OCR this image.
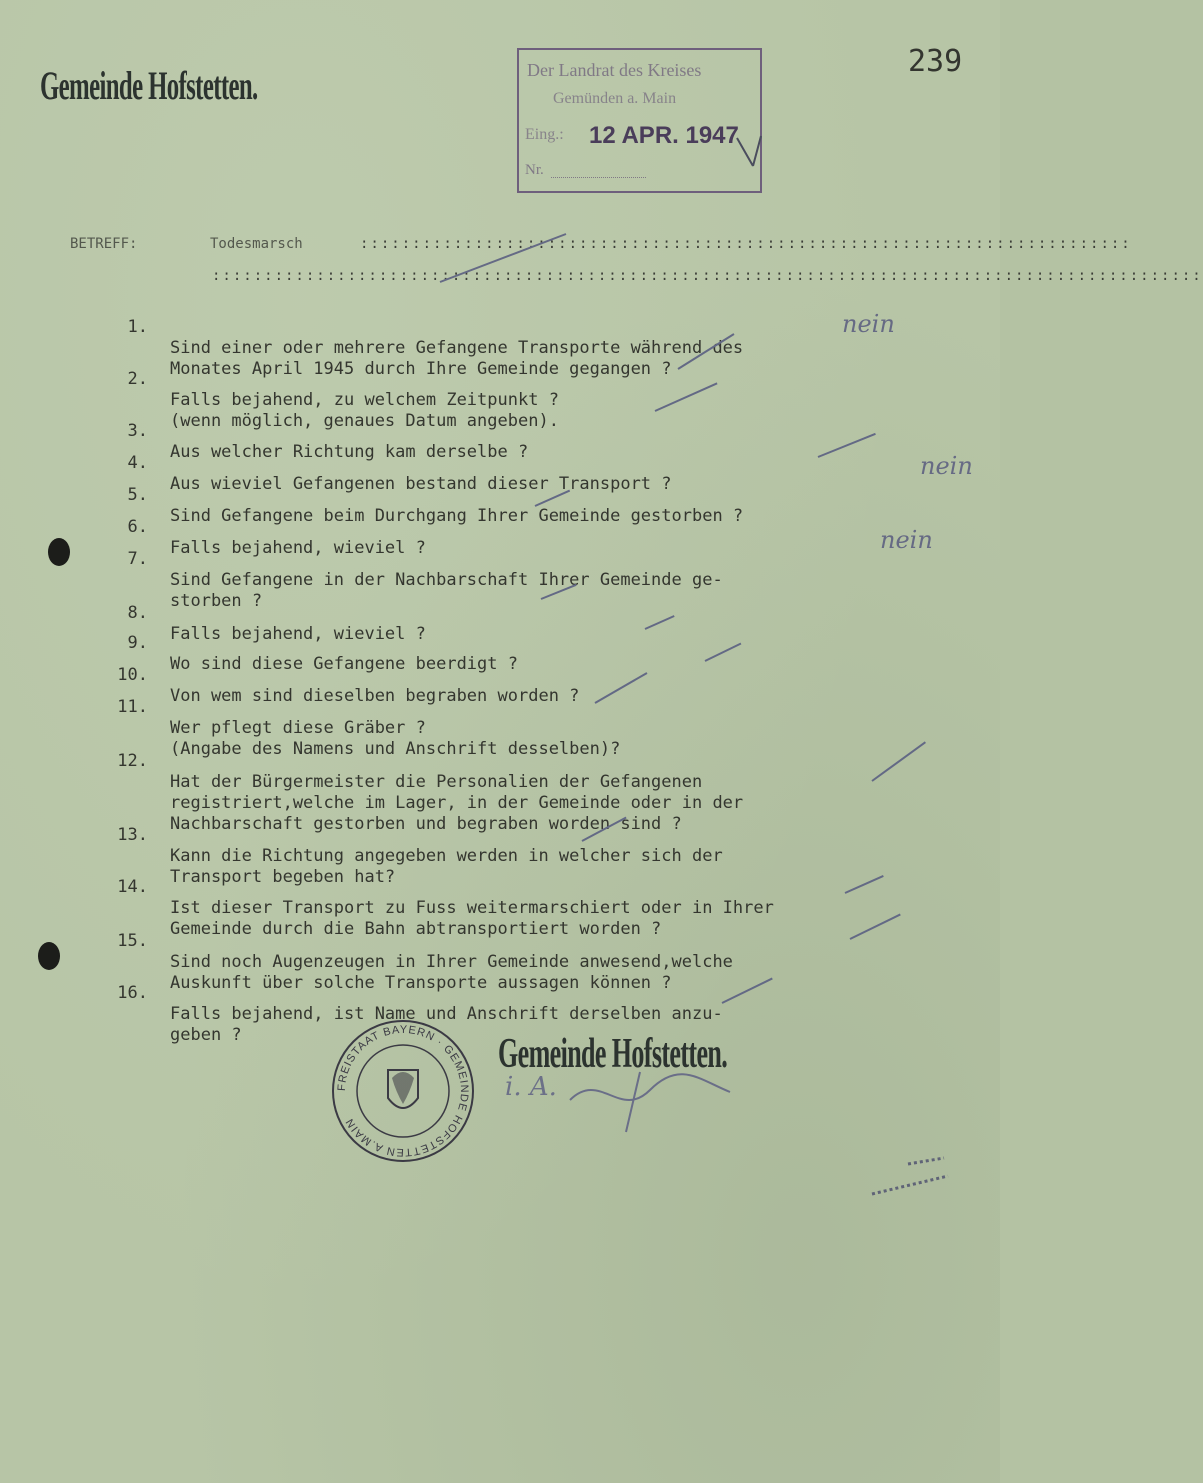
Gemeinde Hofstetten.
239
Der Landrat des Kreises
Gemünden a. Main
Eing.: 12 APR. 1947
Nr.
BETREFF:	Todesmarsch	::::::::::::::::::::::::::::::::::::::::::::::::::::::::::::::::::::::::::
:::::::::::::::::::::::::::::::::::::::::::::::::::::::::::::::::::::::::::::::::::::::::::::::

1.

Sind einer oder mehrere Gefangene Transporte während des
Monates April 1945 durch Ihre Gemeinde gegangen ?

2.

Falls bejahend, zu welchem Zeitpunkt ?
(wenn möglich, genaues Datum angeben).

3.

Aus welcher Richtung kam derselbe ?

4.

Aus wieviel Gefangenen bestand dieser Transport ?

5.

Sind Gefangene beim Durchgang Ihrer Gemeinde gestorben ?

6.

Falls bejahend, wieviel ?

7.

Sind Gefangene in der Nachbarschaft Ihrer Gemeinde ge-
storben ?

8.

Falls bejahend, wieviel ?

9.

Wo sind diese Gefangene beerdigt ?

10.

Von wem sind dieselben begraben worden ?

11.

Wer pflegt diese Gräber ?
(Angabe des Namens und Anschrift desselben)?

12.

Hat der Bürgermeister die Personalien der Gefangenen
registriert,welche im Lager, in der Gemeinde oder in der
Nachbarschaft gestorben und begraben worden sind ?

13.

Kann die Richtung angegeben werden in welcher sich der
Transport begeben hat?

14.

Ist dieser Transport zu Fuss weitermarschiert oder in Ihrer
Gemeinde durch die Bahn abtransportiert worden ?

15.

Sind noch Augenzeugen in Ihrer Gemeinde anwesend,welche
Auskunft über solche Transporte aussagen können ?

16.

Falls bejahend, ist Name und Anschrift derselben anzu-
geben ?

nein
nein
nein
FREISTAAT BAYERN · GEMEINDE HOFSTETTEN A.MAIN
Gemeinde Hofstetten.
i. A.
